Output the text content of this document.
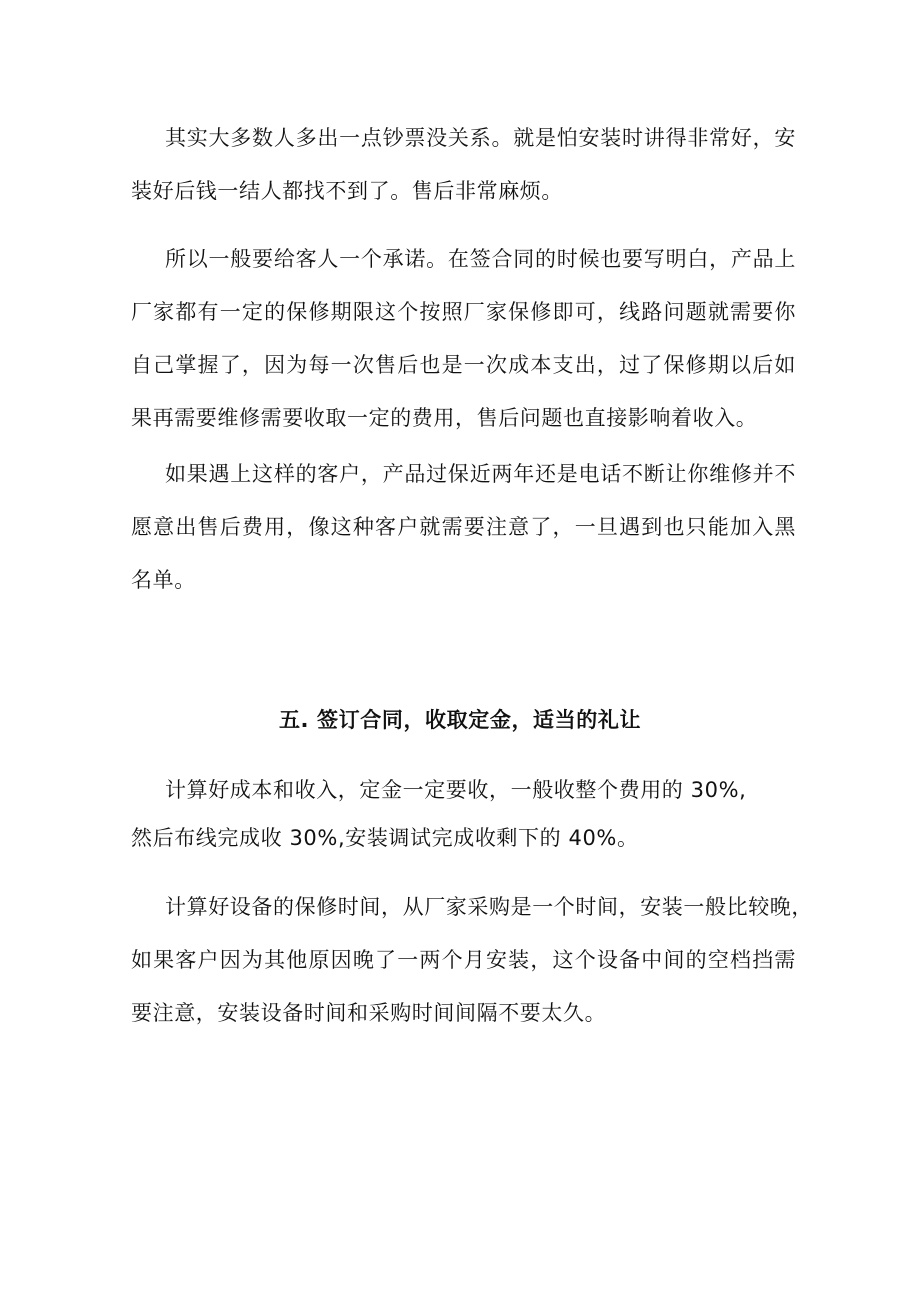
其实大多数人多出一点钞票没关系。就是怕安装时讲得非常好，安
装好后钱一结人都找不到了。售后非常麻烦。
所以一般要给客人一个承诺。在签合同的时候也要写明白，产品上
厂家都有一定的保修期限这个按照厂家保修即可，线路问题就需要你
自己掌握了，因为每一次售后也是一次成本支出，过了保修期以后如
果再需要维修需要收取一定的费用，售后问题也直接影响着收入。
如果遇上这样的客户，产品过保近两年还是电话不断让你维修并不
愿意出售后费用，像这种客户就需要注意了，一旦遇到也只能加入黑
名单。
五. 签订合同，收取定金，适当的礼让
计算好成本和收入，定金一定要收，一般收整个费用的 30%,
然后布线完成收 30%,安装调试完成收剩下的 40%。
计算好设备的保修时间，从厂家采购是一个时间，安装一般比较晚，
如果客户因为其他原因晚了一两个月安装，这个设备中间的空档挡需
要注意，安装设备时间和采购时间间隔不要太久。
